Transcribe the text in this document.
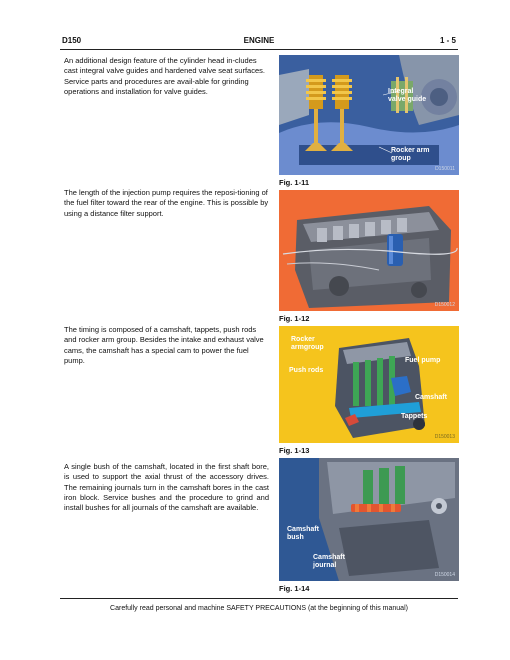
D150	ENGINE	1 - 5
An additional design feature of the cylinder head in-cludes cast integral valve guides and hardened valve seat surfaces. Service parts and procedures are avail-able for grinding operations and installation for valve guides.
The length of the injection pump requires the reposi-tioning of the fuel filter toward the rear of the engine. This is possible by using a distance filter support.
The timing is composed of a camshaft, tappets, push rods and rocker arm group. Besides the intake and exhaust valve cams, the camshaft has a special cam to power the fuel pump.
A single bush of the camshaft, located in the first shaft bore, is used to support the axial thrust of the accessory drives. The remaining journals turn in the camshaft bores in the cast iron block. Service bushes and the procedure to grind and install bushes for all journals of the camshaft are available.
Integral
valve guide
Rocker arm
group
D150011
Fig. 1-11
D150012
Fig. 1-12
Rocker
armgroup
Fuel pump
Push rods
Camshaft
Tappets
D150013
Fig. 1-13
Camshaft
bush
Camshaft
journal
D150014
Fig. 1-14
Carefully read personal and machine SAFETY PRECAUTIONS (at the beginning of this manual)
